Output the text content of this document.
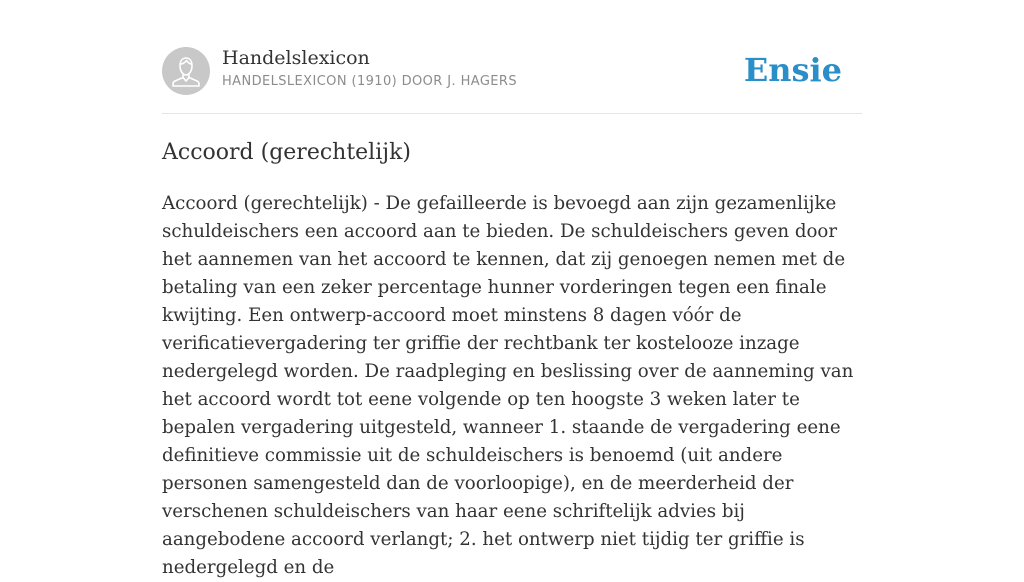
Handelslexicon
HANDELSLEXICON (1910) DOOR J. HAGERS	Ensie
Accoord (gerechtelijk)

Accoord (gerechtelijk) - De gefailleerde is bevoegd aan zijn gezamenlijke schuldeischers een accoord aan te bieden. De schuldeischers geven door het aannemen van het accoord te kennen, dat zij genoegen nemen met de betaling van een zeker percentage hunner vorderingen tegen een finale kwijting. Een ontwerp-accoord moet minstens 8 dagen vóór de verificatievergadering ter griffie der rechtbank ter kostelooze inzage nedergelegd worden. De raadpleging en beslissing over de aanneming van het accoord wordt tot eene volgende op ten hoogste 3 weken later te bepalen vergadering uitgesteld, wanneer 1. staande de vergadering eene definitieve commissie uit de schuldeischers is benoemd (uit andere personen samengesteld dan de voorloopige), en de meerderheid der verschenen schuldeischers van haar eene schriftelijk advies bij aangebodene accoord verlangt; 2. het ontwerp niet tijdig ter griffie is nedergelegd en de
